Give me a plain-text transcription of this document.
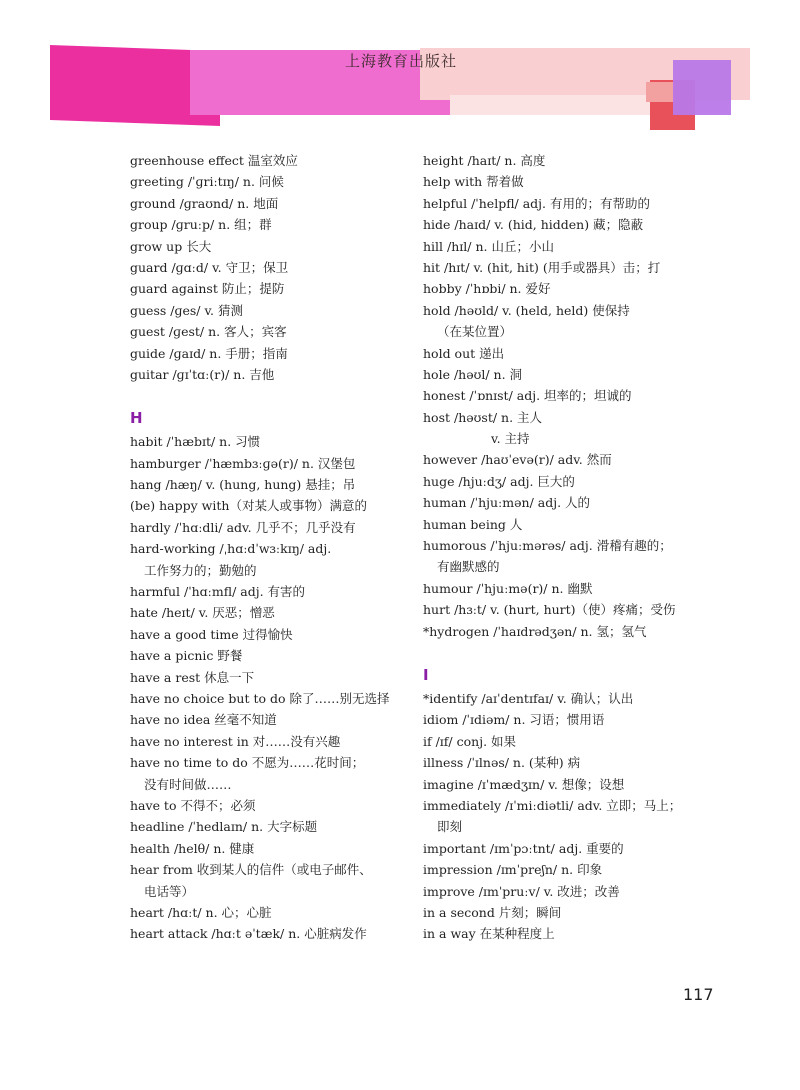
上海教育出版社
greenhouse effect 温室效应
greeting /ˈɡriːtɪŋ/ n. 问候
ground /ɡraʊnd/ n. 地面
group /ɡruːp/ n. 组；群
grow up 长大
guard /ɡɑːd/ v. 守卫；保卫
guard against 防止；提防
guess /ɡes/ v. 猜测
guest /ɡest/ n. 客人；宾客
guide /ɡaɪd/ n. 手册；指南
guitar /ɡɪˈtɑː(r)/ n. 吉他
H
habit /ˈhæbɪt/ n. 习惯
hamburger /ˈhæmbɜːɡə(r)/ n. 汉堡包
hang /hæŋ/ v. (hung, hung) 悬挂；吊
(be) happy with（对某人或事物）满意的
hardly /ˈhɑːdli/ adv. 几乎不；几乎没有
hard-working /ˌhɑːdˈwɜːkɪŋ/ adj.
工作努力的；勤勉的
harmful /ˈhɑːmfl/ adj. 有害的
hate /heɪt/ v. 厌恶；憎恶
have a good time 过得愉快
have a picnic 野餐
have a rest 休息一下
have no choice but to do 除了……别无选择
have no idea 丝毫不知道
have no interest in 对……没有兴趣
have no time to do 不愿为……花时间；
没有时间做……
have to 不得不；必须
headline /ˈhedlaɪn/ n. 大字标题
health /helθ/ n. 健康
hear from 收到某人的信件（或电子邮件、
电话等）
heart /hɑːt/ n. 心；心脏
heart attack /hɑːt əˈtæk/ n. 心脏病发作
height /haɪt/ n. 高度
help with 帮着做
helpful /ˈhelpfl/ adj. 有用的；有帮助的
hide /haɪd/ v. (hid, hidden) 藏；隐蔽
hill /hɪl/ n. 山丘；小山
hit /hɪt/ v. (hit, hit) (用手或器具）击；打
hobby /ˈhɒbi/ n. 爱好
hold /həʊld/ v. (held, held) 使保持
（在某位置）
hold out 递出
hole /həʊl/ n. 洞
honest /ˈɒnɪst/ adj. 坦率的；坦诚的
host /həʊst/ n. 主人
v. 主持
however /haʊˈevə(r)/ adv. 然而
huge /hjuːdʒ/ adj. 巨大的
human /ˈhjuːmən/ adj. 人的
human being 人
humorous /ˈhjuːmərəs/ adj. 滑稽有趣的；
有幽默感的
humour /ˈhjuːmə(r)/ n. 幽默
hurt /hɜːt/ v. (hurt, hurt)（使）疼痛；受伤
*hydrogen /ˈhaɪdrədʒən/ n. 氢；氢气
I
*identify /aɪˈdentɪfaɪ/ v. 确认；认出
idiom /ˈɪdiəm/ n. 习语；惯用语
if /ɪf/ conj. 如果
illness /ˈɪlnəs/ n. (某种) 病
imagine /ɪˈmædʒɪn/ v. 想像；设想
immediately /ɪˈmiːdiətli/ adv. 立即；马上；
即刻
important /ɪmˈpɔːtnt/ adj. 重要的
impression /ɪmˈpreʃn/ n. 印象
improve /ɪmˈpruːv/ v. 改进；改善
in a second 片刻；瞬间
in a way 在某种程度上
117
